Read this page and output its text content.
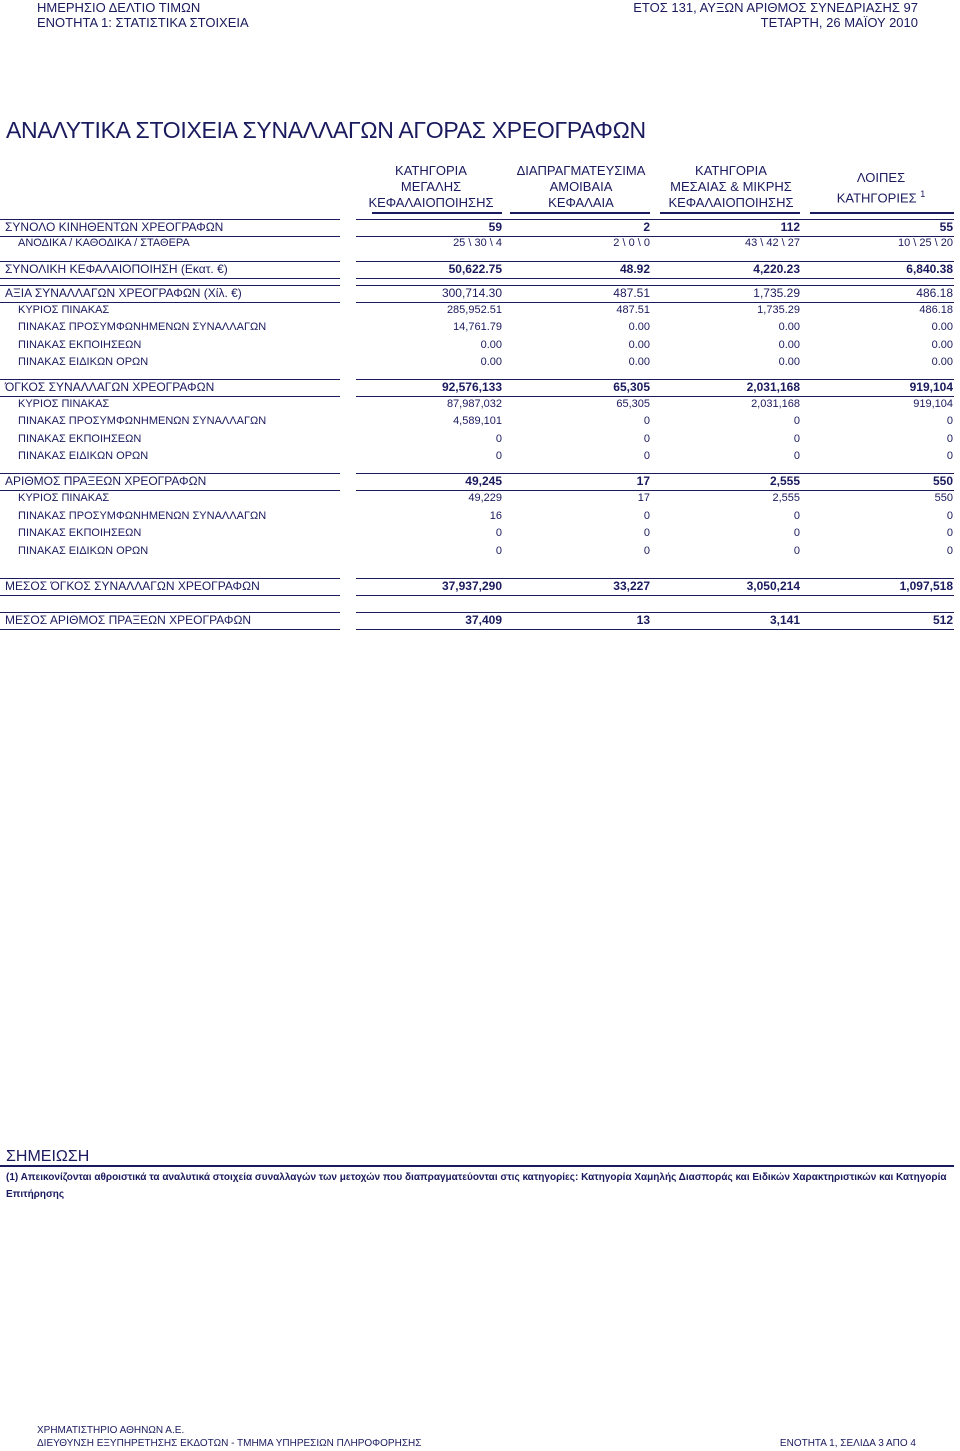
ΗΜΕΡΗΣΙΟ ΔΕΛΤΙΟ ΤΙΜΩΝ
ΕΝΟΤΗΤΑ 1: ΣΤΑΤΙΣΤΙΚΑ ΣΤΟΙΧΕΙΑ
ΕΤΟΣ 131, ΑΥΞΩΝ ΑΡΙΘΜΟΣ ΣΥΝΕΔΡΙΑΣΗΣ 97
ΤΕΤΑΡΤΗ, 26 ΜΑΪΟΥ 2010
ΑΝΑΛΥΤΙΚΑ ΣΤΟΙΧΕΙΑ ΣΥΝΑΛΛΑΓΩΝ ΑΓΟΡΑΣ ΧΡΕΟΓΡΑΦΩΝ
ΚΑΤΗΓΟΡΙΑ
ΜΕΓΑΛΗΣ
ΚΕΦΑΛΑΙΟΠΟΙΗΣΗΣ
ΔΙΑΠΡΑΓΜΑΤΕΥΣΙΜΑ
ΑΜΟΙΒΑΙΑ
ΚΕΦΑΛΑΙΑ
ΚΑΤΗΓΟΡΙΑ
ΜΕΣΑΙΑΣ & ΜΙΚΡΗΣ
ΚΕΦΑΛΑΙΟΠΟΙΗΣΗΣ
ΛΟΙΠΕΣ
ΚΑΤΗΓΟΡΙΕΣ $^1$
ΣΥΝΟΛΟ ΚΙΝΗΘΕΝΤΩΝ ΧΡΕΟΓΡΑΦΩΝ	59	2	112	55
ΑΝΟΔΙΚΑ / ΚΑΘΟΔΙΚΑ / ΣΤΑΘΕΡΑ	25 \ 30 \ 4	2 \ 0 \ 0	43 \ 42 \ 27	10 \ 25 \ 20
ΣΥΝΟΛΙΚΗ ΚΕΦΑΛΑΙΟΠΟΙΗΣΗ (Εκατ. €)	50,622.75	48.92	4,220.23	6,840.38
ΑΞΙΑ ΣΥΝΑΛΛΑΓΩΝ ΧΡΕΟΓΡΑΦΩΝ (Χίλ. €)	300,714.30	487.51	1,735.29	486.18
ΚΥΡΙΟΣ ΠΙΝΑΚΑΣ	285,952.51	487.51	1,735.29	486.18
ΠΙΝΑΚΑΣ ΠΡΟΣΥΜΦΩΝΗΜΕΝΩΝ ΣΥΝΑΛΛΑΓΩΝ	14,761.79	0.00	0.00	0.00
ΠΙΝΑΚΑΣ ΕΚΠΟΙΗΣΕΩΝ	0.00	0.00	0.00	0.00
ΠΙΝΑΚΑΣ ΕΙΔΙΚΩΝ ΟΡΩΝ	0.00	0.00	0.00	0.00
ΌΓΚΟΣ ΣΥΝΑΛΛΑΓΩΝ ΧΡΕΟΓΡΑΦΩΝ	92,576,133	65,305	2,031,168	919,104
ΚΥΡΙΟΣ ΠΙΝΑΚΑΣ	87,987,032	65,305	2,031,168	919,104
ΠΙΝΑΚΑΣ ΠΡΟΣΥΜΦΩΝΗΜΕΝΩΝ ΣΥΝΑΛΛΑΓΩΝ	4,589,101	0	0	0
ΠΙΝΑΚΑΣ ΕΚΠΟΙΗΣΕΩΝ	0	0	0	0
ΠΙΝΑΚΑΣ ΕΙΔΙΚΩΝ ΟΡΩΝ	0	0	0	0
ΑΡΙΘΜΟΣ ΠΡΑΞΕΩΝ ΧΡΕΟΓΡΑΦΩΝ	49,245	17	2,555	550
ΚΥΡΙΟΣ ΠΙΝΑΚΑΣ	49,229	17	2,555	550
ΠΙΝΑΚΑΣ ΠΡΟΣΥΜΦΩΝΗΜΕΝΩΝ ΣΥΝΑΛΛΑΓΩΝ	16	0	0	0
ΠΙΝΑΚΑΣ ΕΚΠΟΙΗΣΕΩΝ	0	0	0	0
ΠΙΝΑΚΑΣ ΕΙΔΙΚΩΝ ΟΡΩΝ	0	0	0	0
ΜΕΣΟΣ ΌΓΚΟΣ ΣΥΝΑΛΛΑΓΩΝ ΧΡΕΟΓΡΑΦΩΝ	37,937,290	33,227	3,050,214	1,097,518
ΜΕΣΟΣ ΑΡΙΘΜΟΣ ΠΡΑΞΕΩΝ ΧΡΕΟΓΡΑΦΩΝ	37,409	13	3,141	512
ΣΗΜΕΙΩΣΗ
(1) Απεικονίζονται αθροιστικά τα αναλυτικά στοιχεία συναλλαγών των μετοχών που διαπραγματεύονται στις κατηγορίες: Κατηγορία Χαμηλής Διασποράς και Ειδικών Χαρακτηριστικών και Κατηγορία Επιτήρησης
ΧΡΗΜΑΤΙΣΤΗΡΙΟ ΑΘΗΝΩΝ Α.Ε.
ΔΙΕΥΘΥΝΣΗ ΕΞΥΠΗΡΕΤΗΣΗΣ ΕΚΔΟΤΩΝ - ΤΜΗΜΑ ΥΠΗΡΕΣΙΩΝ ΠΛΗΡΟΦΟΡΗΣΗΣ	ΕΝΟΤΗΤΑ 1, ΣΕΛΙΔΑ 3 ΑΠΟ 4
